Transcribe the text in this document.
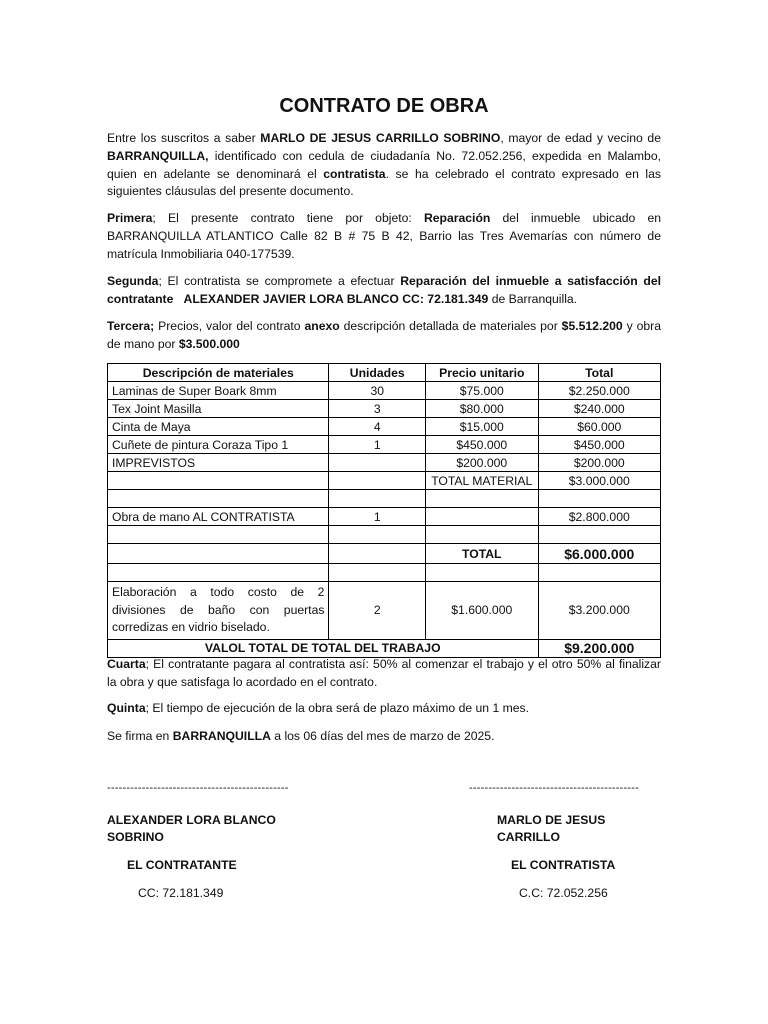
CONTRATO DE OBRA
Entre los suscritos a saber MARLO DE JESUS CARRILLO SOBRINO, mayor de edad y vecino de BARRANQUILLA, identificado con cedula de ciudadanía No. 72.052.256, expedida en Malambo, quien en adelante se denominará el contratista. se ha celebrado el contrato expresado en las siguientes cláusulas del presente documento.
Primera; El presente contrato tiene por objeto: Reparación del inmueble ubicado en BARRANQUILLA ATLANTICO Calle 82 B # 75 B 42, Barrio las Tres Avemarías con número de matrícula Inmobiliaria 040-177539.
Segunda; El contratista se compromete a efectuar Reparación del inmueble a satisfacción del contratante ALEXANDER JAVIER LORA BLANCO CC: 72.181.349 de Barranquilla.
Tercera; Precios, valor del contrato anexo descripción detallada de materiales por $5.512.200 y obra de mano por $3.500.000
Descripción de materiales	Unidades	Precio unitario	Total
Laminas de Super Boark 8mm	30	$75.000	$2.250.000
Tex Joint Masilla	3	$80.000	$240.000
Cinta de Maya	4	$15.000	$60.000
Cuñete de pintura Coraza Tipo 1	1	$450.000	$450.000
IMPREVISTOS		$200.000	$200.000
		TOTAL MATERIAL	$3.000.000

Obra de mano AL CONTRATISTA	1		$2.800.000

		TOTAL	$6.000.000

Elaboración a todo costo de 2 divisiones de baño con puertas corredizas en vidrio biselado.	2	$1.600.000	$3.200.000
VALOL TOTAL DE TOTAL DEL TRABAJO			$9.200.000
Cuarta; El contratante pagara al contratista así: 50% al comenzar el trabajo y el otro 50% al finalizar la obra y que satisfaga lo acordado en el contrato.
Quinta; El tiempo de ejecución de la obra será de plazo máximo de un 1 mes.
Se firma en BARRANQUILLA a los 06 días del mes de marzo de 2025.
-----------------------------------------------	--------------------------------------------
ALEXANDER LORA BLANCO
SOBRINO
MARLO DE JESUS CARRILLO
EL CONTRATANTE	EL CONTRATISTA
CC: 72.181.349	C.C: 72.052.256
